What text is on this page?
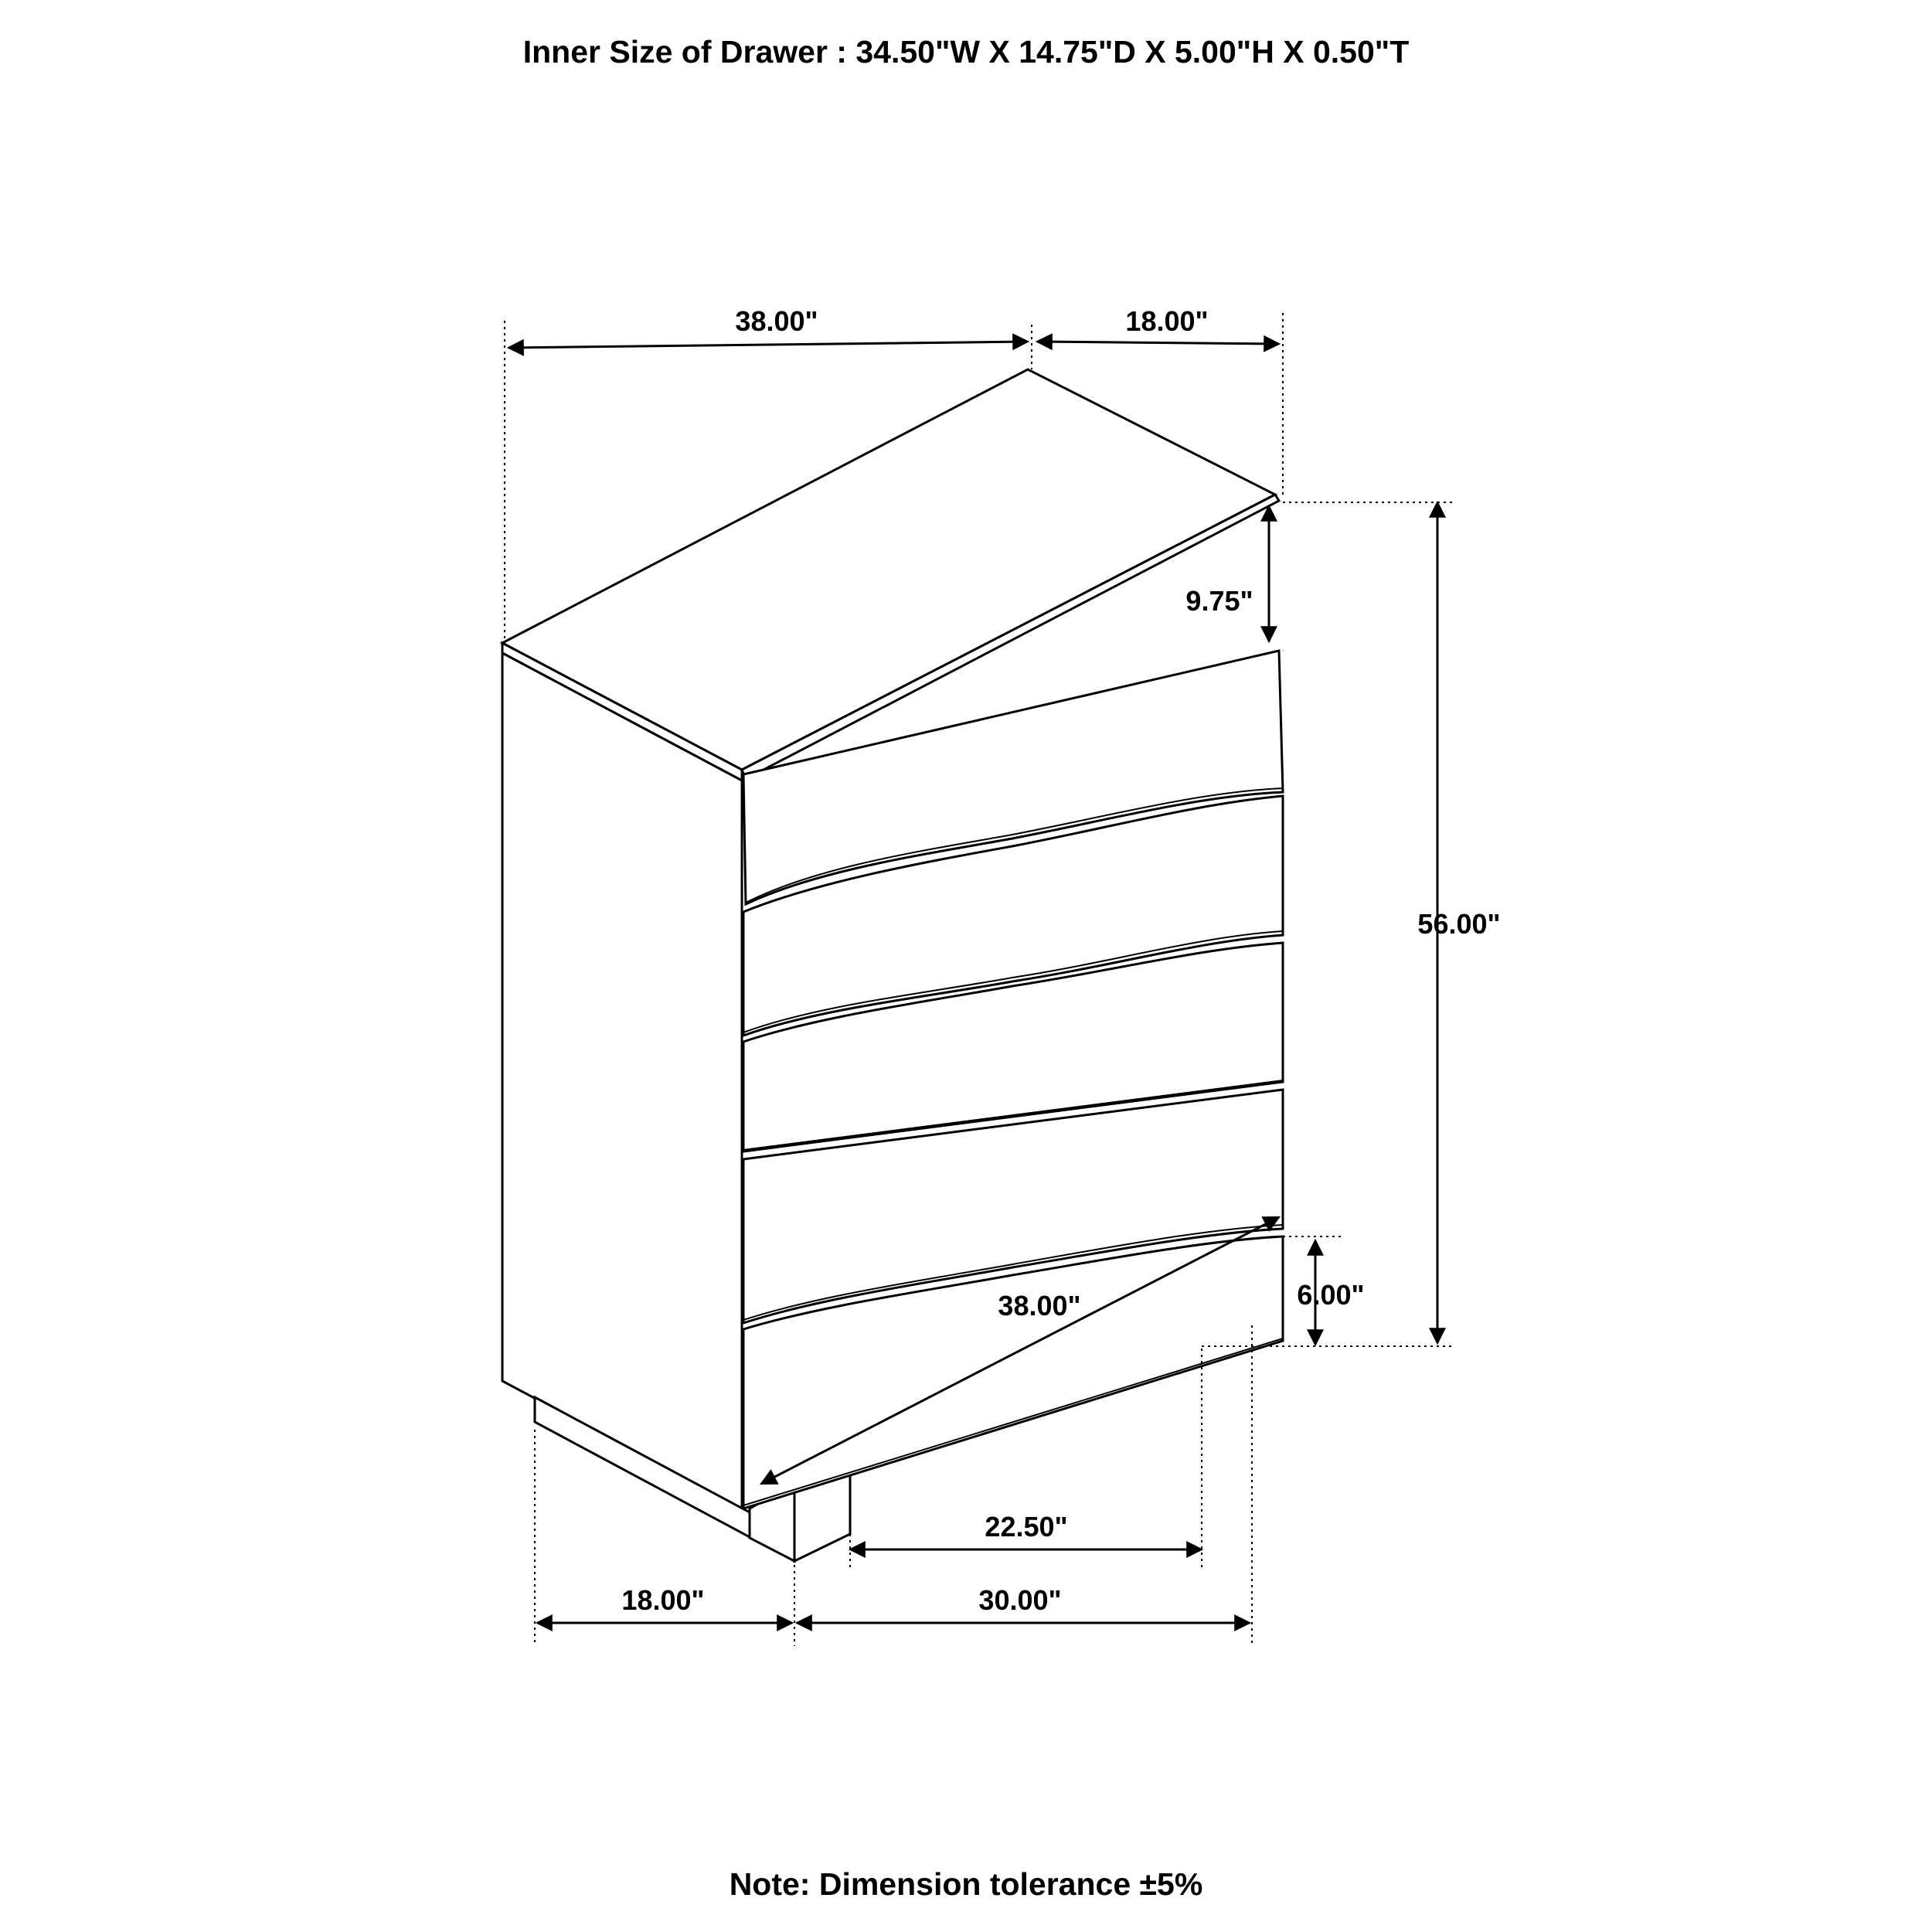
Inner Size of Drawer : 34.50"W X 14.75"D X 5.00"H X 0.50"T
38.00"	18.00"
9.75"
56.00"
38.00"	6.00"
22.50"
18.00"	30.00"
Note: Dimension tolerance ±5%
